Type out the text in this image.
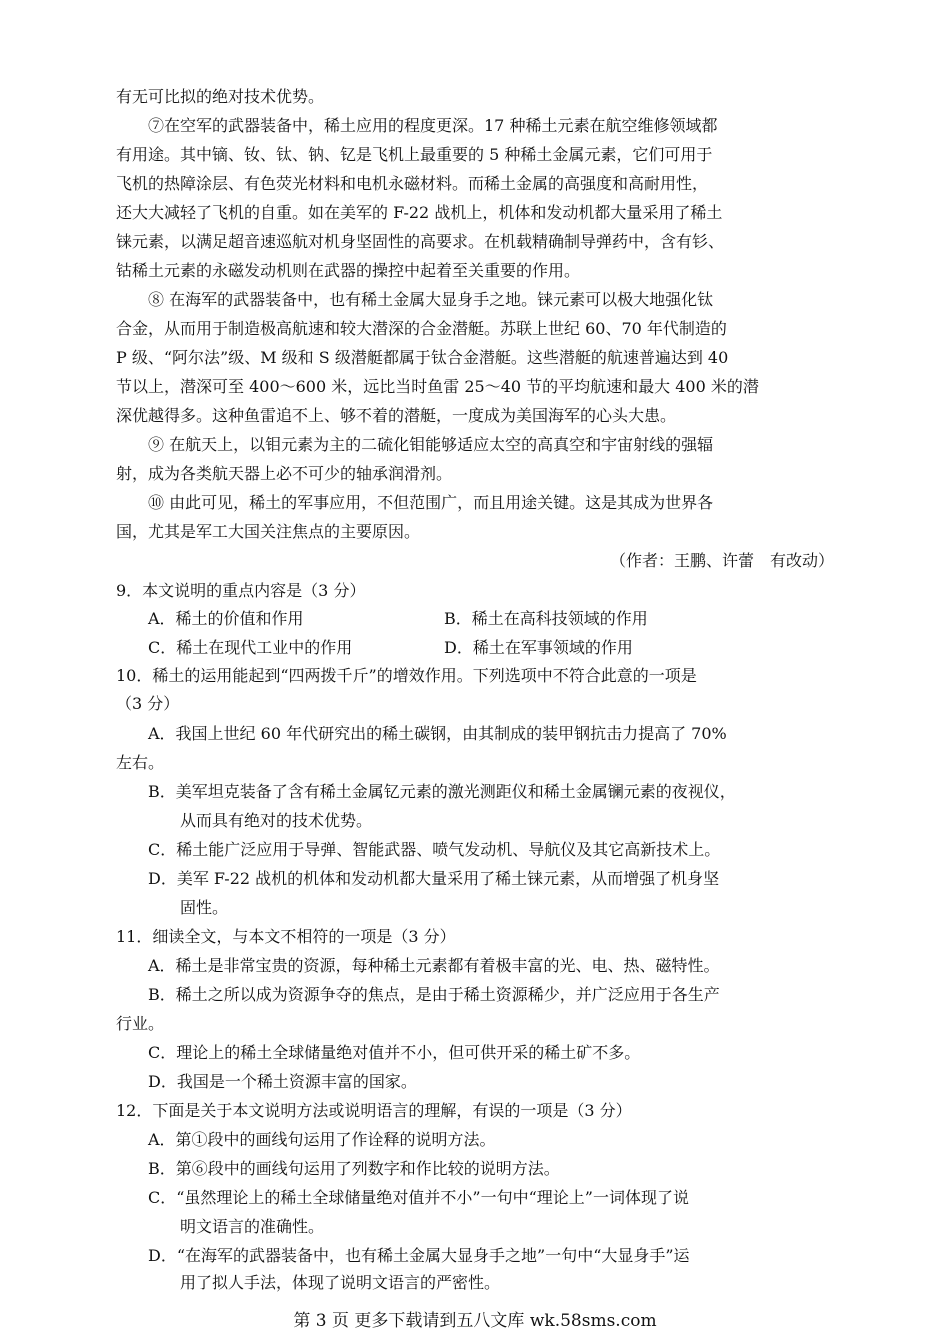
有无可比拟的绝对技术优势。
⑦在空军的武器装备中，稀土应用的程度更深。17 种稀土元素在航空维修领域都
有用途。其中镝、钕、钛、钠、钇是飞机上最重要的 5 种稀土金属元素，它们可用于
飞机的热障涂层、有色荧光材料和电机永磁材料。而稀土金属的高强度和高耐用性，
还大大减轻了飞机的自重。如在美军的 F-22 战机上，机体和发动机都大量采用了稀土
铼元素，以满足超音速巡航对机身坚固性的高要求。在机载精确制导弹药中，含有钐、
钴稀土元素的永磁发动机则在武器的操控中起着至关重要的作用。
⑧ 在海军的武器装备中，也有稀土金属大显身手之地。铼元素可以极大地强化钛
合金，从而用于制造极高航速和较大潜深的合金潜艇。苏联上世纪 60、70 年代制造的
P 级、“阿尔法”级、M 级和 S 级潜艇都属于钛合金潜艇。这些潜艇的航速普遍达到 40
节以上，潜深可至 400～600 米，远比当时鱼雷 25～40 节的平均航速和最大 400 米的潜
深优越得多。这种鱼雷追不上、够不着的潜艇，一度成为美国海军的心头大患。
⑨ 在航天上，以钼元素为主的二硫化钼能够适应太空的高真空和宇宙射线的强辐
射，成为各类航天器上必不可少的轴承润滑剂。
⑩ 由此可见，稀土的军事应用，不但范围广，而且用途关键。这是其成为世界各
国，尤其是军工大国关注焦点的主要原因。
（作者：王鹏、许蕾　有改动）
9．本文说明的重点内容是（3 分）
A．稀土的价值和作用	B．稀土在高科技领域的作用
C．稀土在现代工业中的作用	D．稀土在军事领域的作用
10．稀土的运用能起到“四两拨千斤”的增效作用。下列选项中不符合此意的一项是
（3 分）
A．我国上世纪 60 年代研究出的稀土碳钢，由其制成的装甲钢抗击力提高了 70%
左右。
B．美军坦克装备了含有稀土金属钇元素的激光测距仪和稀土金属镧元素的夜视仪，
从而具有绝对的技术优势。
C．稀土能广泛应用于导弹、智能武器、喷气发动机、导航仪及其它高新技术上。
D．美军 F-22 战机的机体和发动机都大量采用了稀土铼元素，从而增强了机身坚
固性。
11．细读全文，与本文不相符的一项是（3 分）
A．稀土是非常宝贵的资源，每种稀土元素都有着极丰富的光、电、热、磁特性。
B．稀土之所以成为资源争夺的焦点，是由于稀土资源稀少，并广泛应用于各生产
行业。
C．理论上的稀土全球储量绝对值并不小，但可供开采的稀土矿不多。
D．我国是一个稀土资源丰富的国家。
12．下面是关于本文说明方法或说明语言的理解，有误的一项是（3 分）
A．第①段中的画线句运用了作诠释的说明方法。
B．第⑥段中的画线句运用了列数字和作比较的说明方法。
C．“虽然理论上的稀土全球储量绝对值并不小”一句中“理论上”一词体现了说
明文语言的准确性。
D．“在海军的武器装备中，也有稀土金属大显身手之地”一句中“大显身手”运
用了拟人手法，体现了说明文语言的严密性。
第 3 页 更多下载请到五八文库 wk.58sms.com
